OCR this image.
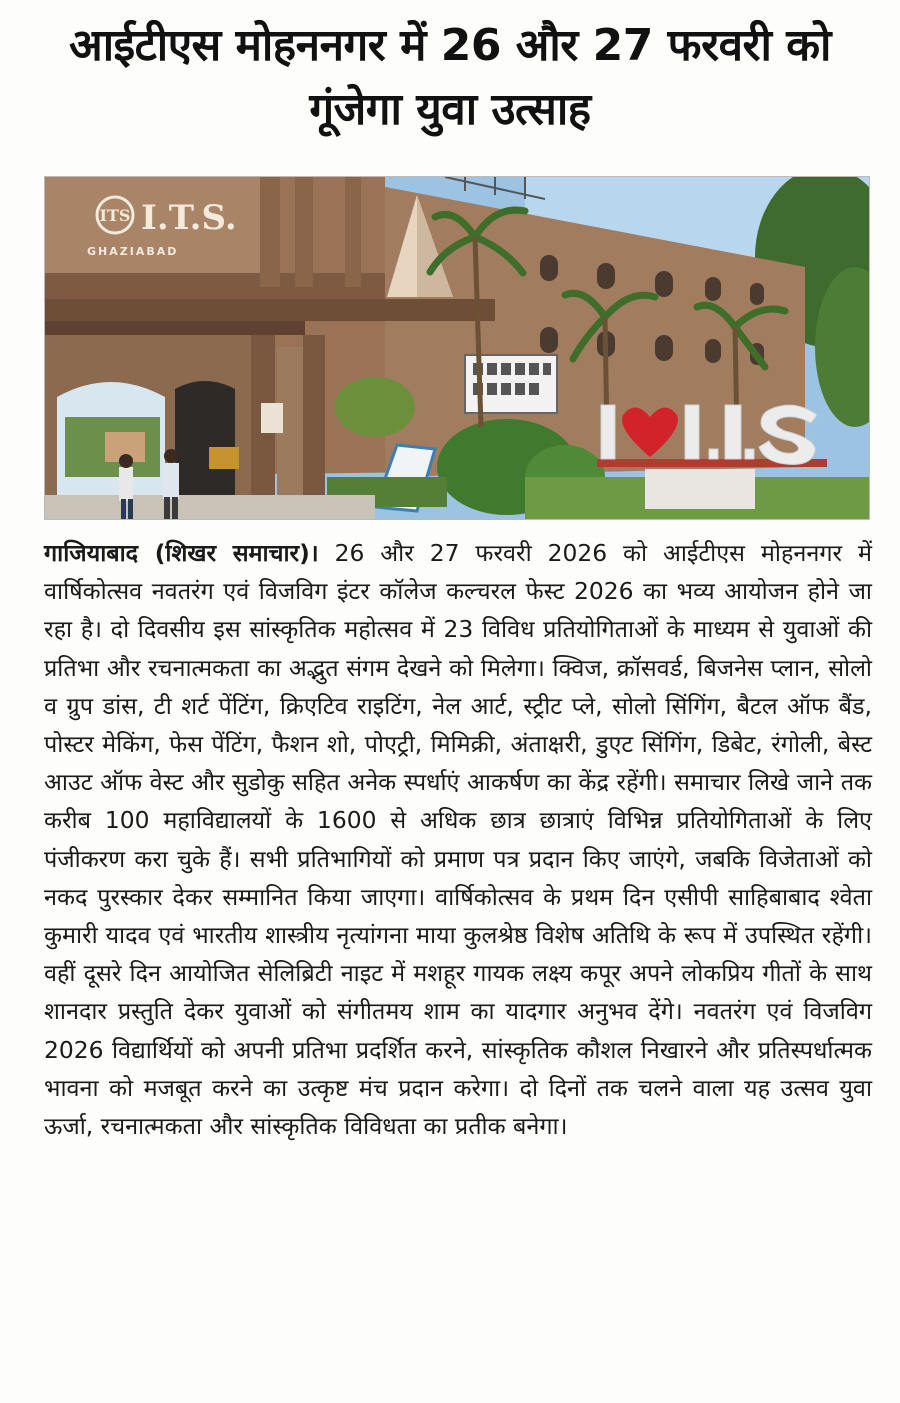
आईटीएस मोहननगर में 26 और 27 फरवरी को गूंजेगा युवा उत्साह
ITS I.T.S.
GHAZIABAD
गाजियाबाद (शिखर समाचार)। 26 और 27 फरवरी 2026 को आईटीएस मोहननगर में वार्षिकोत्सव नवतरंग एवं विजविग इंटर कॉलेज कल्चरल फेस्ट 2026 का भव्य आयोजन होने जा रहा है। दो दिवसीय इस सांस्कृतिक महोत्सव में 23 विविध प्रतियोगिताओं के माध्यम से युवाओं की प्रतिभा और रचनात्मकता का अद्भुत संगम देखने को मिलेगा। क्विज, क्रॉसवर्ड, बिजनेस प्लान, सोलो व ग्रुप डांस, टी शर्ट पेंटिंग, क्रिएटिव राइटिंग, नेल आर्ट, स्ट्रीट प्ले, सोलो सिंगिंग, बैटल ऑफ बैंड, पोस्टर मेकिंग, फेस पेंटिंग, फैशन शो, पोएट्री, मिमिक्री, अंताक्षरी, डुएट सिंगिंग, डिबेट, रंगोली, बेस्ट आउट ऑफ वेस्ट और सुडोकु सहित अनेक स्पर्धाएं आकर्षण का केंद्र रहेंगी। समाचार लिखे जाने तक करीब 100 महाविद्यालयों के 1600 से अधिक छात्र छात्राएं विभिन्न प्रतियोगिताओं के लिए पंजीकरण करा चुके हैं। सभी प्रतिभागियों को प्रमाण पत्र प्रदान किए जाएंगे, जबकि विजेताओं को नकद पुरस्कार देकर सम्मानित किया जाएगा। वार्षिकोत्सव के प्रथम दिन एसीपी साहिबाबाद श्वेता कुमारी यादव एवं भारतीय शास्त्रीय नृत्यांगना माया कुलश्रेष्ठ विशेष अतिथि के रूप में उपस्थित रहेंगी। वहीं दूसरे दिन आयोजित सेलिब्रिटी नाइट में मशहूर गायक लक्ष्य कपूर अपने लोकप्रिय गीतों के साथ शानदार प्रस्तुति देकर युवाओं को संगीतमय शाम का यादगार अनुभव देंगे। नवतरंग एवं विजविग 2026 विद्यार्थियों को अपनी प्रतिभा प्रदर्शित करने, सांस्कृतिक कौशल निखारने और प्रतिस्पर्धात्मक भावना को मजबूत करने का उत्कृष्ट मंच प्रदान करेगा। दो दिनों तक चलने वाला यह उत्सव युवा ऊर्जा, रचनात्मकता और सांस्कृतिक विविधता का प्रतीक बनेगा।
